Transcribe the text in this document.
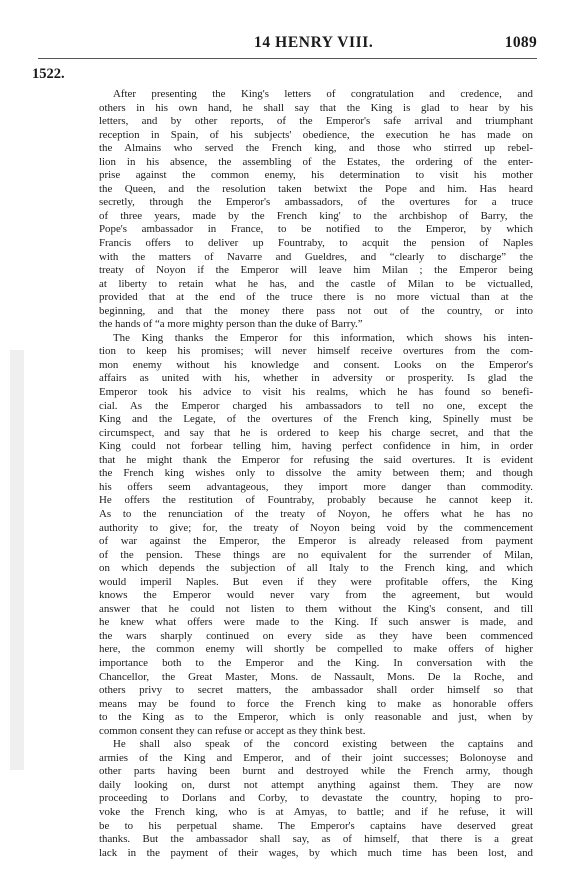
14 HENRY VIII.	1089
1522.

After presenting the King's letters of congratulation and credence, and
others in his own hand, he shall say that the King is glad to hear by his
letters, and by other reports, of the Emperor's safe arrival and triumphant
reception in Spain, of his subjects' obedience, the execution he has made on
the Almains who served the French king, and those who stirred up rebel-
lion in his absence, the assembling of the Estates, the ordering of the enter-
prise against the common enemy, his determination to visit his mother
the Queen, and the resolution taken betwixt the Pope and him. Has heard
secretly, through the Emperor's ambassadors, of the overtures for a truce
of three years, made by the French king' to the archbishop of Barry, the
Pope's ambassador in France, to be notified to the Emperor, by which
Francis offers to deliver up Fountraby, to acquit the pension of Naples
with the matters of Navarre and Gueldres, and “clearly to discharge” the
treaty of Noyon if the Emperor will leave him Milan ; the Emperor being
at liberty to retain what he has, and the castle of Milan to be victualled,
provided that at the end of the truce there is no more victual than at the
beginning, and that the money there pass not out of the country, or into
the hands of “a more mighty person than the duke of Barry.”

The King thanks the Emperor for this information, which shows his inten-
tion to keep his promises; will never himself receive overtures from the com-
mon enemy without his knowledge and consent. Looks on the Emperor's
affairs as united with his, whether in adversity or prosperity. Is glad the
Emperor took his advice to visit his realms, which he has found so benefi-
cial. As the Emperor charged his ambassadors to tell no one, except the
King and the Legate, of the overtures of the French king, Spinelly must be
circumspect, and say that he is ordered to keep his charge secret, and that the
King could not forbear telling him, having perfect confidence in him, in order
that he might thank the Emperor for refusing the said overtures. It is evident
the French king wishes only to dissolve the amity between them; and though
his offers seem advantageous, they import more danger than commodity.
He offers the restitution of Fountraby, probably because he cannot keep it.
As to the renunciation of the treaty of Noyon, he offers what he has no
authority to give; for, the treaty of Noyon being void by the commencement
of war against the Emperor, the Emperor is already released from payment
of the pension. These things are no equivalent for the surrender of Milan,
on which depends the subjection of all Italy to the French king, and which
would imperil Naples. But even if they were profitable offers, the King
knows the Emperor would never vary from the agreement, but would
answer that he could not listen to them without the King's consent, and till
he knew what offers were made to the King. If such answer is made, and
the wars sharply continued on every side as they have been commenced
here, the common enemy will shortly be compelled to make offers of higher
importance both to the Emperor and the King. In conversation with the
Chancellor, the Great Master, Mons. de Nassault, Mons. De la Roche, and
others privy to secret matters, the ambassador shall order himself so that
means may be found to force the French king to make as honorable offers
to the King as to the Emperor, which is only reasonable and just, when by
common consent they can refuse or accept as they think best.

He shall also speak of the concord existing between the captains and
armies of the King and Emperor, and of their joint successes; Bolonoyse and
other parts having been burnt and destroyed while the French army, though
daily looking on, durst not attempt anything against them. They are now
proceeding to Dorlans and Corby, to devastate the country, hoping to pro-
voke the French king, who is at Amyas, to battle; and if he refuse, it will
be to his perpetual shame. The Emperor's captains have deserved great
thanks. But the ambassador shall say, as of himself, that there is a great
lack in the payment of their wages, by which much time has been lost, and
